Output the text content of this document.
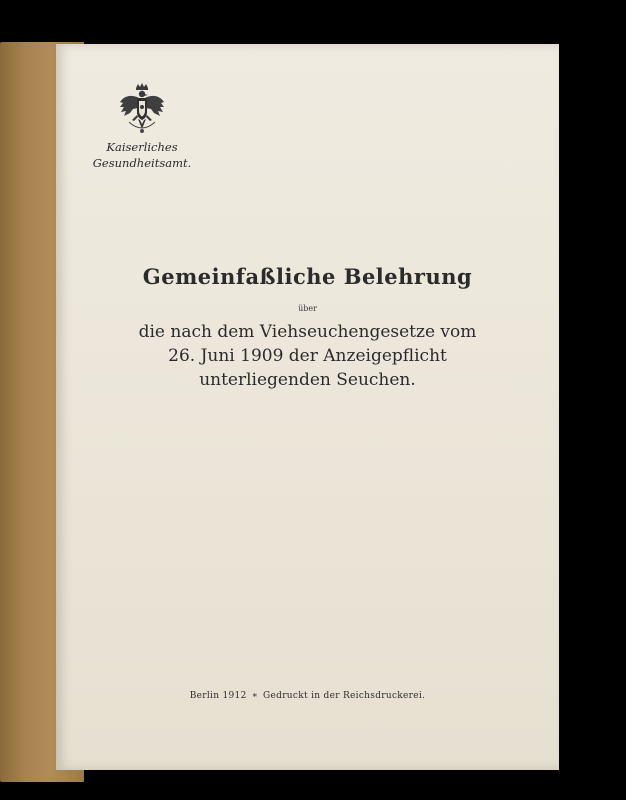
Kaiserliches
Gesundheitsamt.
Gemeinfaßliche Belehrung
über
die nach dem Viehseuchengesetze vom
26. Juni 1909 der Anzeigepflicht
unterliegenden Seuchen.
Berlin 1912 ∗ Gedruckt in der Reichsdruckerei.
